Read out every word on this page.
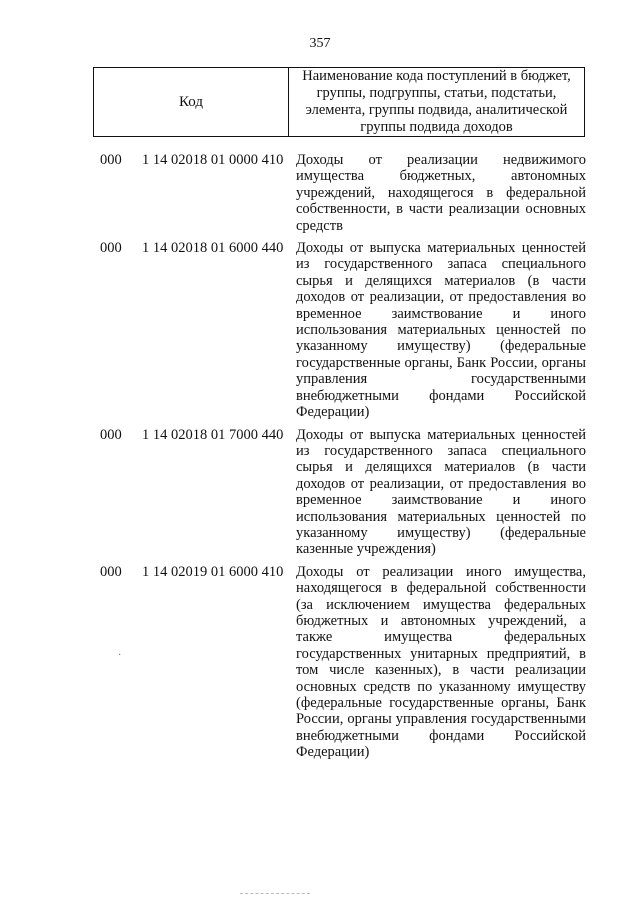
357
Код
Наименование кода поступлений в бюджет, группы, подгруппы, статьи, подстатьи, элемента, группы подвида, аналитической группы подвида доходов
000 1 14 02018 01 0000 410 Доходы от реализации недвижимого имущества бюджетных, автономных учреждений, находящегося в федеральной собственности, в части реализации основных средств
000 1 14 02018 01 6000 440 Доходы от выпуска материальных ценностей из государственного запаса специального сырья и делящихся материалов (в части доходов от реализации, от предоставления во временное заимствование и иного использования материальных ценностей по указанному имуществу) (федеральные государственные органы, Банк России, органы управления государственными внебюджетными фондами Российской Федерации)
000 1 14 02018 01 7000 440 Доходы от выпуска материальных ценностей из государственного запаса специального сырья и делящихся материалов (в части доходов от реализации, от предоставления во временное заимствование и иного использования материальных ценностей по указанному имуществу) (федеральные казенные учреждения)
000 1 14 02019 01 6000 410 Доходы от реализации иного имущества, находящегося в федеральной собственности (за исключением имущества федеральных бюджетных и автономных учреждений, а также имущества федеральных государственных унитарных предприятий, в том числе казенных), в части реализации основных средств по указанному имуществу (федеральные государственные органы, Банк России, органы управления государственными внебюджетными фондами Российской Федерации)
·
